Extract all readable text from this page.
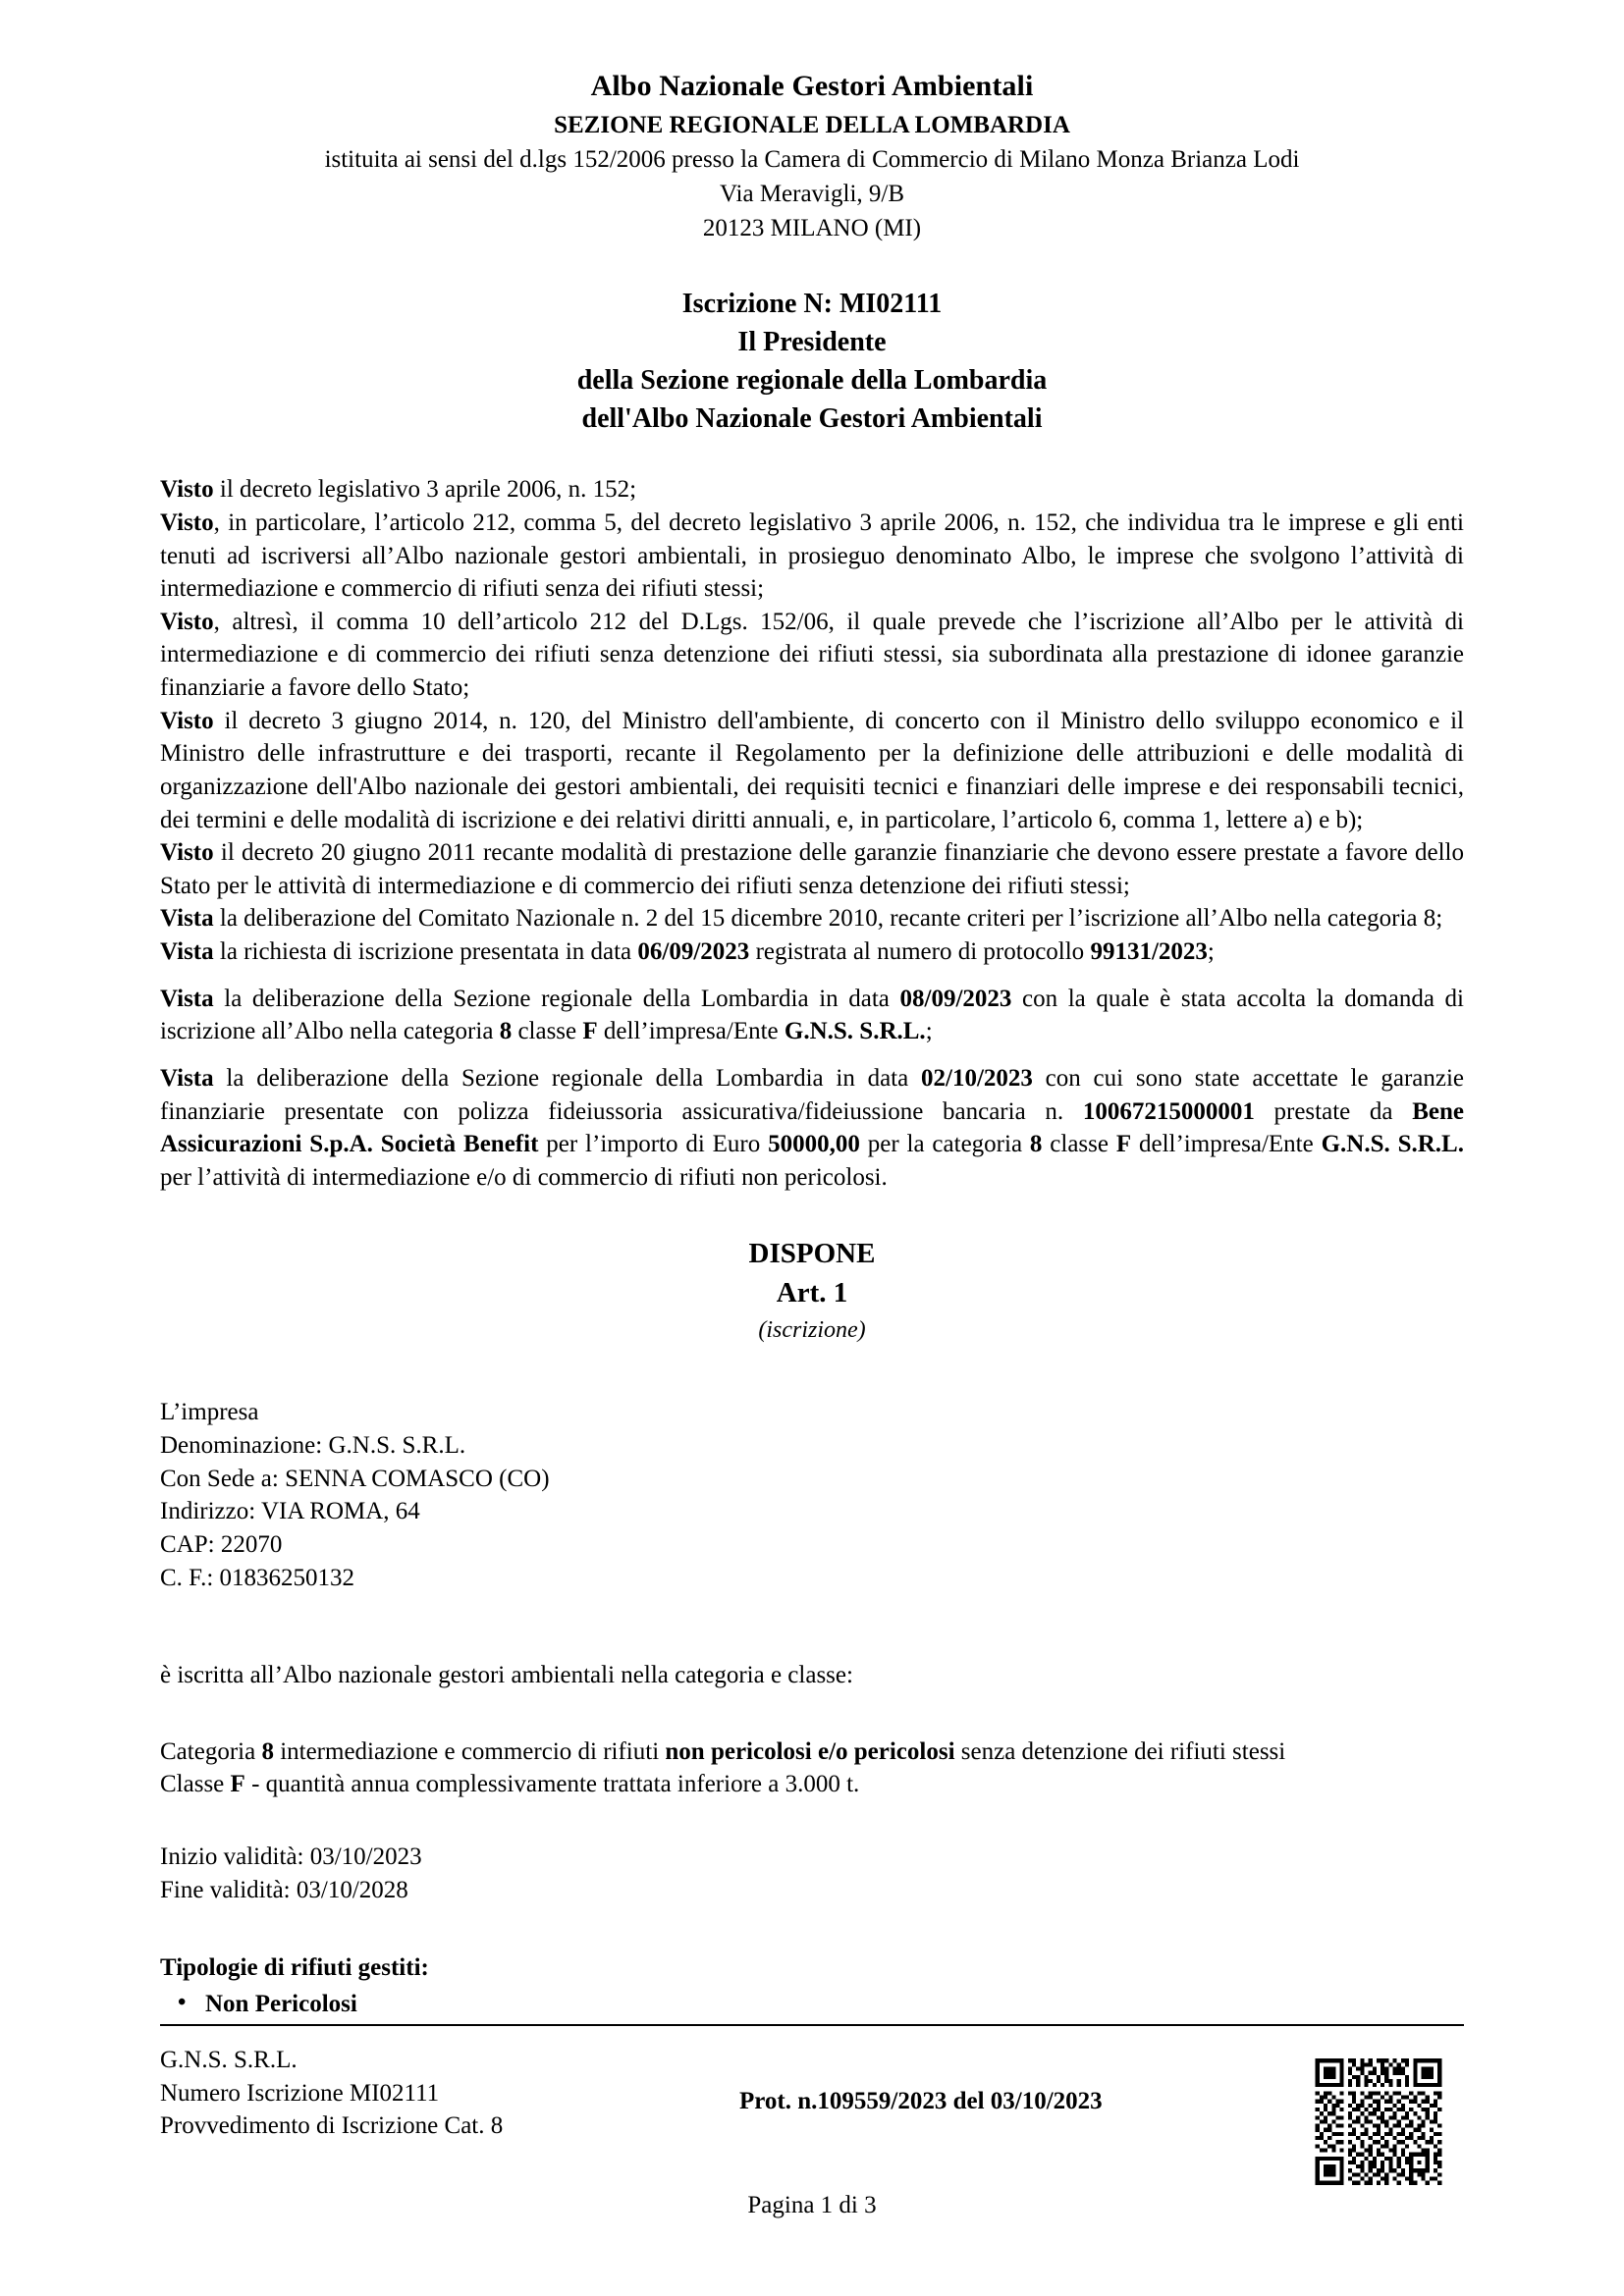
Albo Nazionale Gestori Ambientali
SEZIONE REGIONALE DELLA LOMBARDIA
istituita ai sensi del d.lgs 152/2006 presso la Camera di Commercio di Milano Monza Brianza Lodi
Via Meravigli, 9/B
20123 MILANO (MI)
Iscrizione N: MI02111
Il Presidente
della Sezione regionale della Lombardia
dell'Albo Nazionale Gestori Ambientali

Visto il decreto legislativo 3 aprile 2006, n. 152;

Visto, in particolare, l’articolo 212, comma 5, del decreto legislativo 3 aprile 2006, n. 152, che individua tra le imprese e gli enti tenuti ad iscriversi all’Albo nazionale gestori ambientali, in prosieguo denominato Albo, le imprese che svolgono l’attività di intermediazione e commercio di rifiuti senza dei rifiuti stessi;

Visto, altresì, il comma 10 dell’articolo 212 del D.Lgs. 152/06, il quale prevede che l’iscrizione all’Albo per le attività di intermediazione e di commercio dei rifiuti senza detenzione dei rifiuti stessi, sia subordinata alla prestazione di idonee garanzie finanziarie a favore dello Stato;

Visto il decreto 3 giugno 2014, n. 120, del Ministro dell'ambiente, di concerto con il Ministro dello sviluppo economico e il Ministro delle infrastrutture e dei trasporti, recante il Regolamento per la definizione delle attribuzioni e delle modalità di organizzazione dell'Albo nazionale dei gestori ambientali, dei requisiti tecnici e finanziari delle imprese e dei responsabili tecnici, dei termini e delle modalità di iscrizione e dei relativi diritti annuali, e, in particolare, l’articolo 6, comma 1, lettere a) e b);

Visto il decreto 20 giugno 2011 recante modalità di prestazione delle garanzie finanziarie che devono essere prestate a favore dello Stato per le attività di intermediazione e di commercio dei rifiuti senza detenzione dei rifiuti stessi;

Vista la deliberazione del Comitato Nazionale n. 2 del 15 dicembre 2010, recante criteri per l’iscrizione all’Albo nella categoria 8;

Vista la richiesta di iscrizione presentata in data 06/09/2023 registrata al numero di protocollo 99131/2023;

Vista la deliberazione della Sezione regionale della Lombardia in data 08/09/2023 con la quale è stata accolta la domanda di iscrizione all’Albo nella categoria 8 classe F dell’impresa/Ente G.N.S. S.R.L.;

Vista la deliberazione della Sezione regionale della Lombardia in data 02/10/2023 con cui sono state accettate le garanzie finanziarie presentate con polizza fideiussoria assicurativa/fideiussione bancaria n. 10067215000001 prestate da Bene Assicurazioni S.p.A. Società Benefit per l’importo di Euro 50000,00 per la categoria 8 classe F dell’impresa/Ente G.N.S. S.R.L. per l’attività di intermediazione e/o di commercio di rifiuti non pericolosi.

DISPONE
Art. 1
(iscrizione)
L’impresa
Denominazione: G.N.S. S.R.L.
Con Sede a: SENNA COMASCO (CO)
Indirizzo: VIA ROMA, 64
CAP: 22070
C. F.: 01836250132
è iscritta all’Albo nazionale gestori ambientali nella categoria e classe:
Categoria 8 intermediazione e commercio di rifiuti non pericolosi e/o pericolosi senza detenzione dei rifiuti stessi
Classe F - quantità annua complessivamente trattata inferiore a 3.000 t.
Inizio validità: 03/10/2023
Fine validità: 03/10/2028
Tipologie di rifiuti gestiti:
• Non Pericolosi
G.N.S. S.R.L.
Numero Iscrizione MI02111
Provvedimento di Iscrizione Cat. 8
Prot. n.109559/2023 del 03/10/2023
Pagina 1 di 3
